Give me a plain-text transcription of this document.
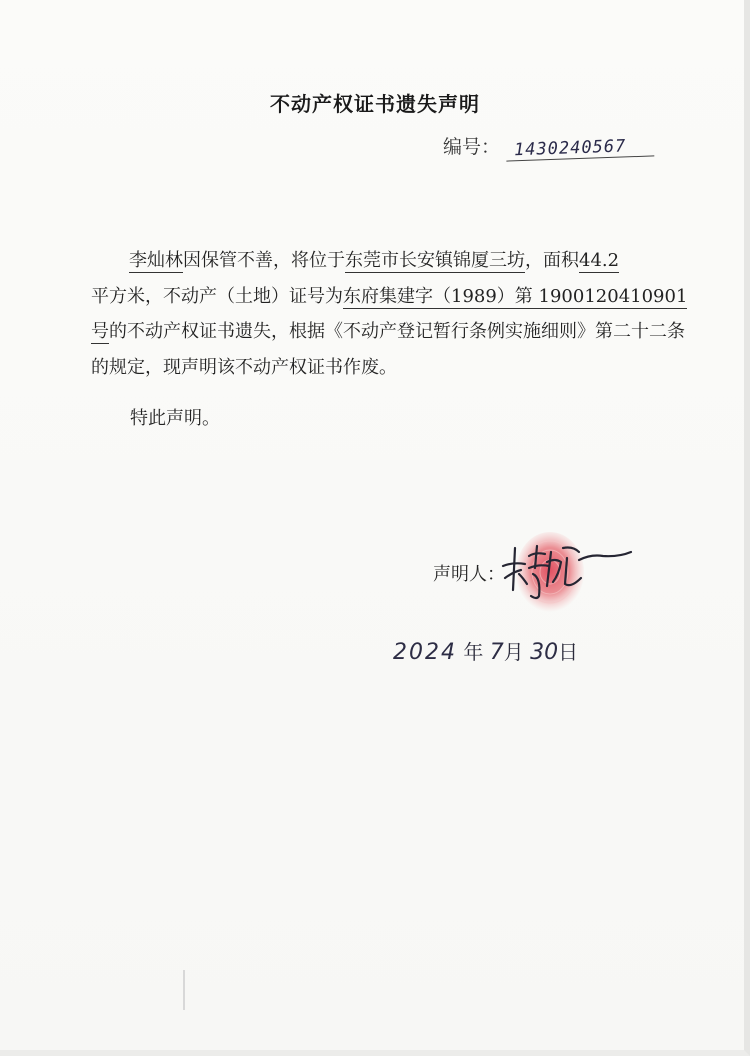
不动产权证书遗失声明
编号： 1430240567
李灿林因保管不善，将位于东莞市长安镇锦厦三坊，面积44.2
平方米，不动产（土地）证号为东府集建字（1989）第 1900120410901
号的不动产权证书遗失，根据《不动产登记暂行条例实施细则》第二十二条的规定，现声明该不动产权证书作废。
特此声明。
声明人：
2024 年 7月 30日
